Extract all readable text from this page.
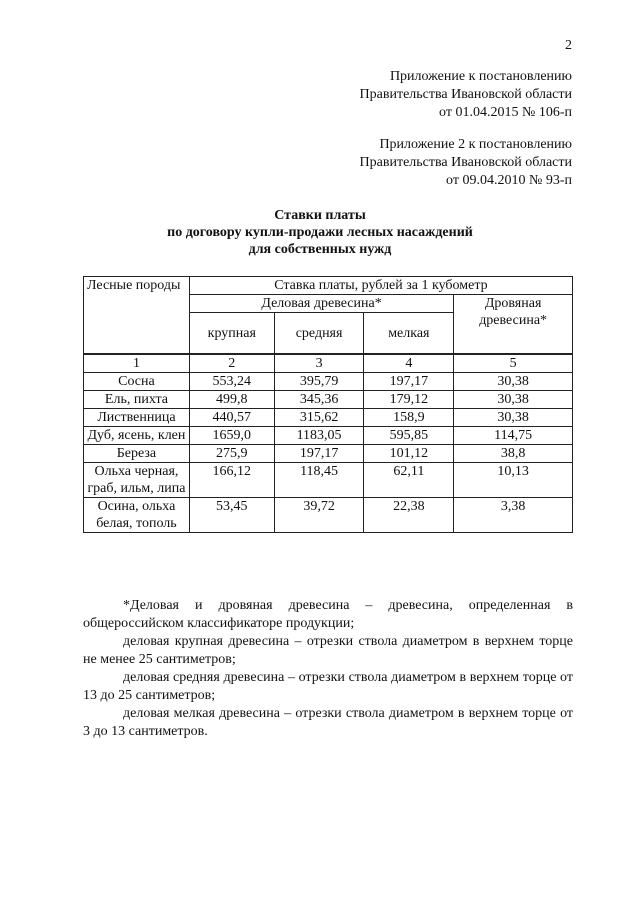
2
Приложение к постановлению
Правительства Ивановской области
от 01.04.2015 № 106-п
Приложение 2 к постановлению
Правительства Ивановской области
от 09.04.2010 № 93-п
Ставки платы
по договору купли-продажи лесных насаждений
для собственных нужд
Лесные породы	Ставка платы, рублей за 1 кубометр			
	Деловая древесина*			Дровяная древесина*
	крупная	средняя	мелкая	
1	2	3	4	5
Сосна	553,24	395,79	197,17	30,38
Ель, пихта	499,8	345,36	179,12	30,38
Лиственница	440,57	315,62	158,9	30,38
Дуб, ясень, клен	1659,0	1183,05	595,85	114,75
Береза	275,9	197,17	101,12	38,8
Ольха черная, граб, ильм, липа	166,12	118,45	62,11	10,13
Осина, ольха белая, тополь	53,45	39,72	22,38	3,38

*Деловая и дровяная древесина – древесина, определенная в общероссийском классификаторе продукции;

деловая крупная древесина – отрезки ствола диаметром в верхнем торце не менее 25 сантиметров;

деловая средняя древесина – отрезки ствола диаметром в верхнем торце от 13 до 25 сантиметров;

деловая мелкая древесина – отрезки ствола диаметром в верхнем торце от 3 до 13 сантиметров.
